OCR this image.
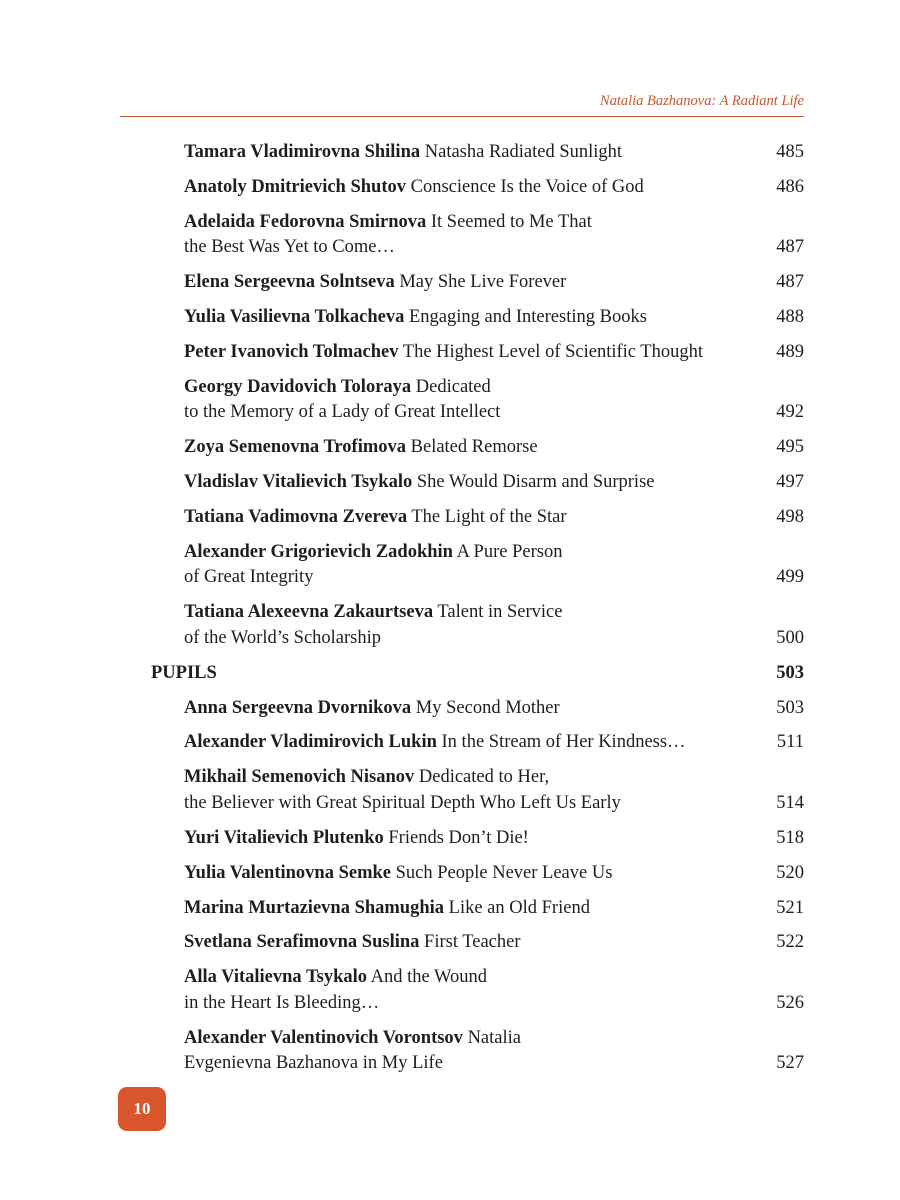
Natalia Bazhanova: A Radiant Life
Tamara Vladimirovna Shilina Natasha Radiated Sunlight	485
Anatoly Dmitrievich Shutov Conscience Is the Voice of God	486
Adelaida Fedorovna Smirnova It Seemed to Me That
the Best Was Yet to Come…	487
Elena Sergeevna Solntseva May She Live Forever	487
Yulia Vasilievna Tolkacheva Engaging and Interesting Books	488
Peter Ivanovich Tolmachev The Highest Level of Scientific Thought	489
Georgy Davidovich Toloraya Dedicated
to the Memory of a Lady of Great Intellect	492
Zoya Semenovna Trofimova Belated Remorse	495
Vladislav Vitalievich Tsykalo She Would Disarm and Surprise	497
Tatiana Vadimovna Zvereva The Light of the Star	498
Alexander Grigorievich Zadokhin A Pure Person
of Great Integrity	499
Tatiana Alexeevna Zakaurtseva Talent in Service
of the World’s Scholarship	500
PUPILS	503
Anna Sergeevna Dvornikova My Second Mother	503
Alexander Vladimirovich Lukin In the Stream of Her Kindness…	511
Mikhail Semenovich Nisanov Dedicated to Her,
the Believer with Great Spiritual Depth Who Left Us Early	514
Yuri Vitalievich Plutenko Friends Don’t Die!	518
Yulia Valentinovna Semke Such People Never Leave Us	520
Marina Murtazievna Shamughia Like an Old Friend	521
Svetlana Serafimovna Suslina First Teacher	522
Alla Vitalievna Tsykalo And the Wound
in the Heart Is Bleeding…	526
Alexander Valentinovich Vorontsov Natalia
Evgenievna Bazhanova in My Life	527
10
